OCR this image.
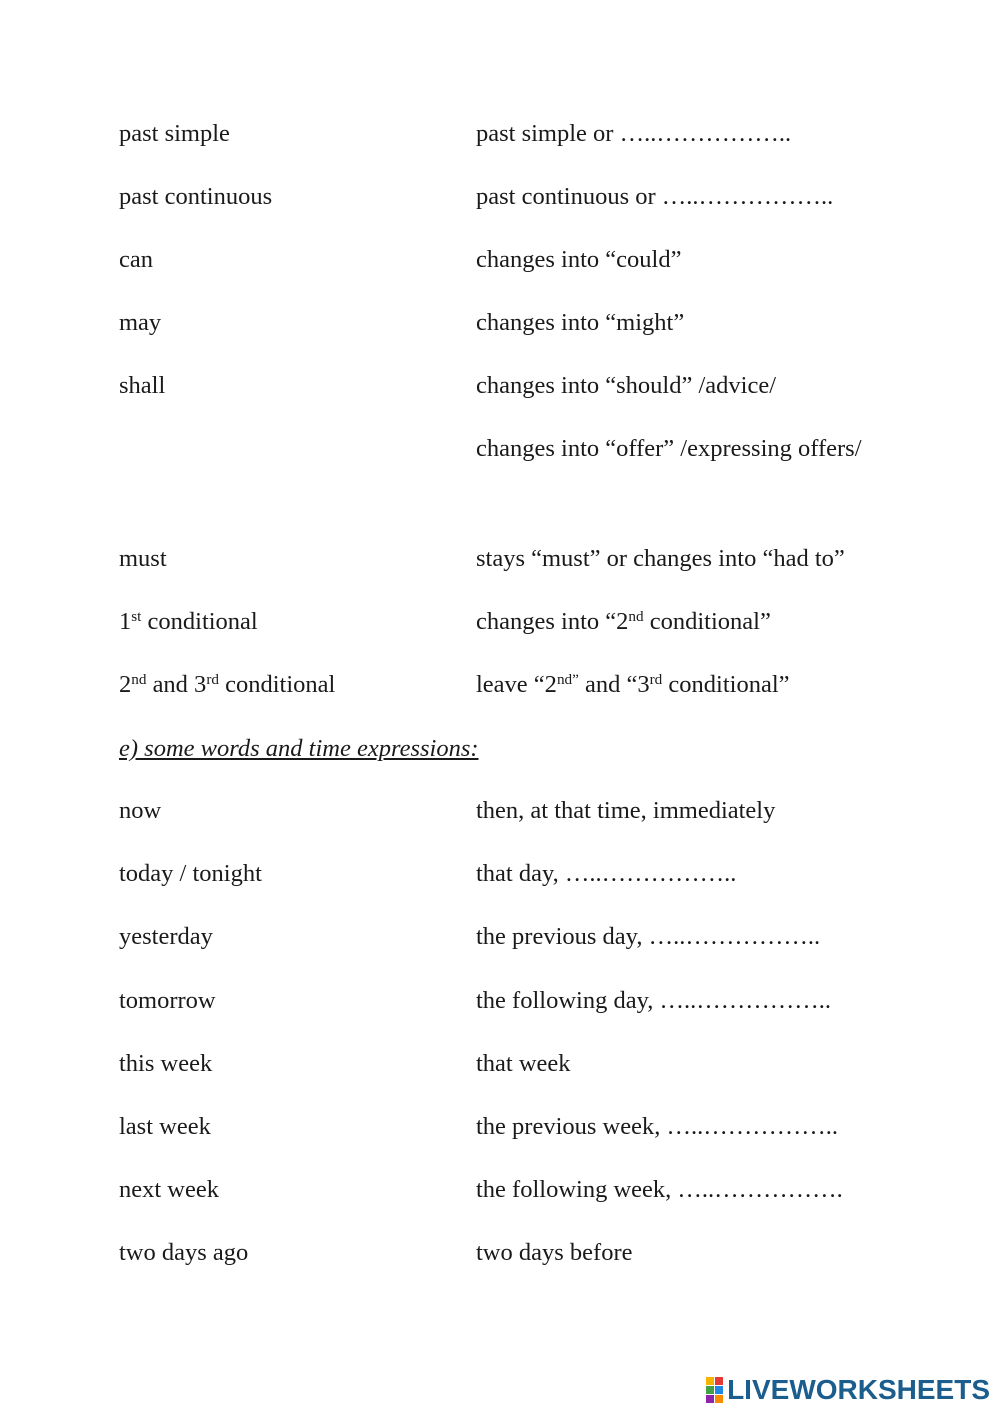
past simple	past simple or …..……………..
past continuous	past continuous or …..……………..
can	changes into “could”
may	changes into “might”
shall	changes into “should” /advice/
changes into “offer” /expressing offers/
must	stays “must” or changes into “had to”
1st conditional	changes into “2nd conditional”
2nd and 3rd conditional	leave “$2^{nd”}$ and “3rd conditional”
e) some words and time expressions:
now	then, at that time, immediately
today / tonight	that day, …..……………..
yesterday	the previous day, …..……………..
tomorrow	the following day, …..……………..
this week	that week
last week	the previous week, …..……………..
next week	the following week, …..…………….
two days ago	two days before
LIVEWORKSHEETS
